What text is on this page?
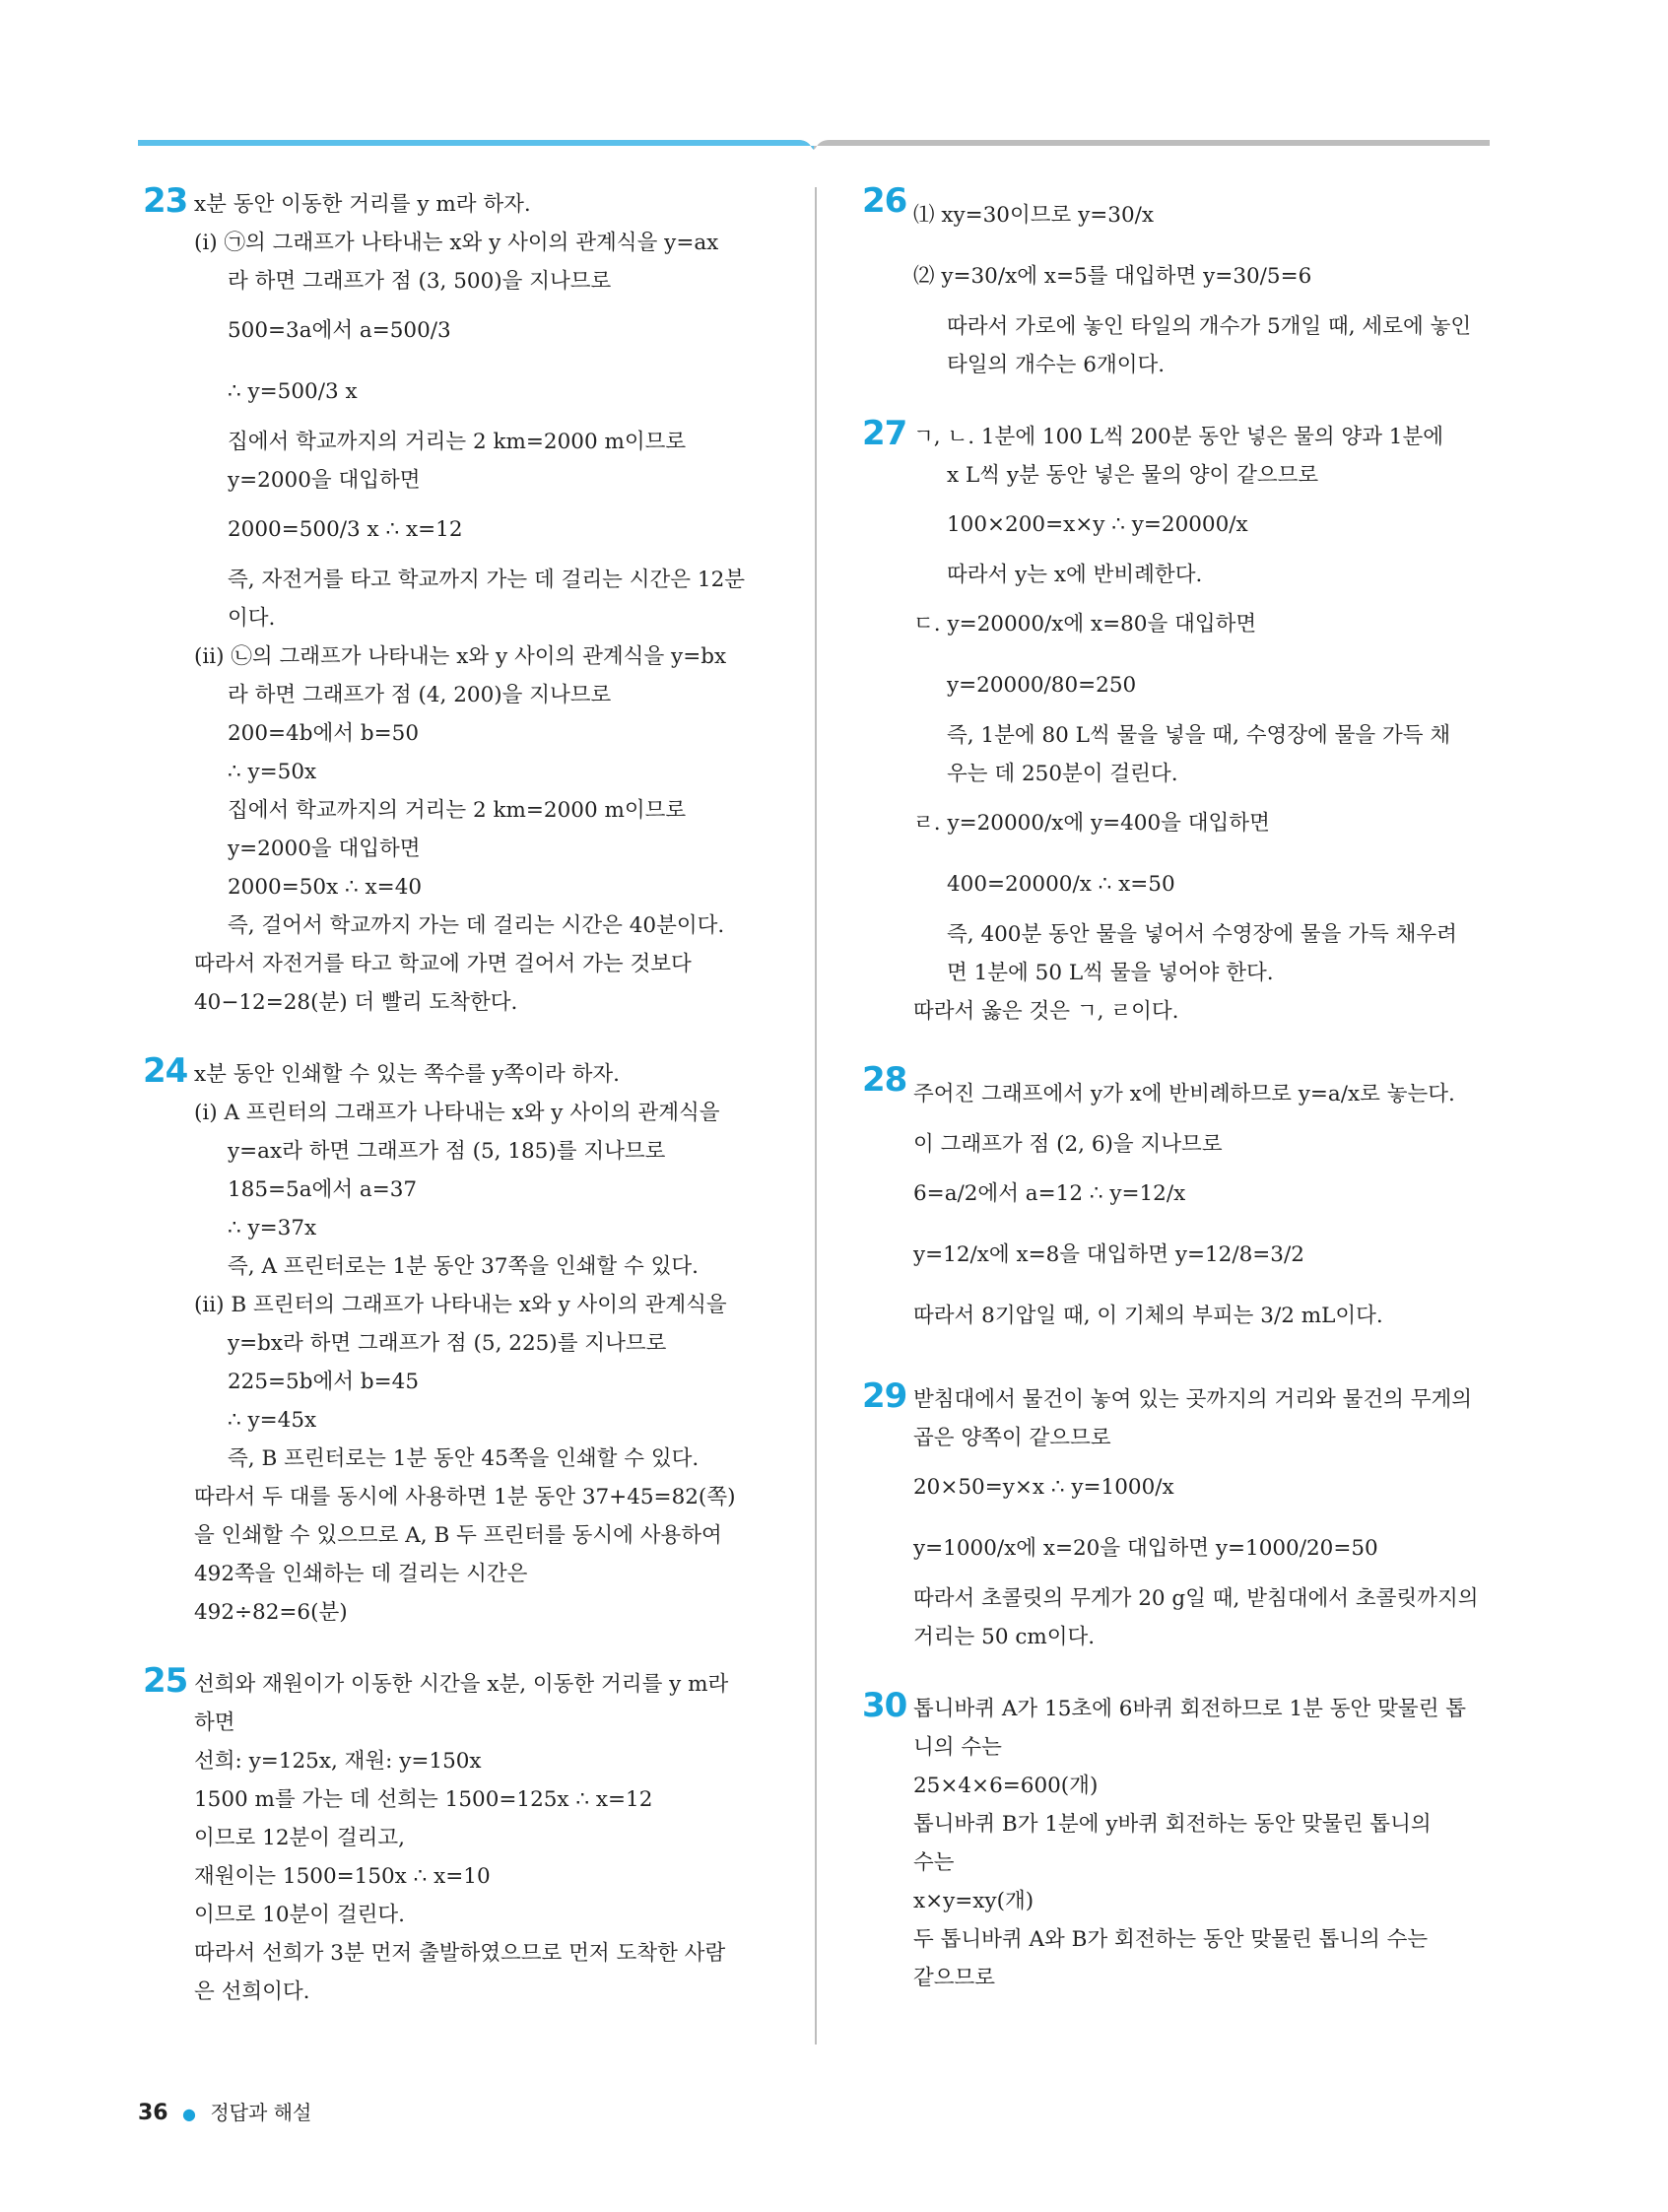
23 x분 동안 이동한 거리를 y m라 하자.
(ⅰ) ㉠의 그래프가 나타내는 x와 y 사이의 관계식을 y=ax
라 하면 그래프가 점 (3, 500)을 지나므로
500=3a에서 a=500/3
∴ y=500/3 x
집에서 학교까지의 거리는 2 km=2000 m이므로
y=2000을 대입하면
2000=500/3 x ∴ x=12
즉, 자전거를 타고 학교까지 가는 데 걸리는 시간은 12분
이다.
(ⅱ) ㉡의 그래프가 나타내는 x와 y 사이의 관계식을 y=bx
라 하면 그래프가 점 (4, 200)을 지나므로
200=4b에서 b=50
∴ y=50x
집에서 학교까지의 거리는 2 km=2000 m이므로
y=2000을 대입하면
2000=50x ∴ x=40
즉, 걸어서 학교까지 가는 데 걸리는 시간은 40분이다.
따라서 자전거를 타고 학교에 가면 걸어서 가는 것보다
40−12=28(분) 더 빨리 도착한다.
24 x분 동안 인쇄할 수 있는 쪽수를 y쪽이라 하자.
(ⅰ) A 프린터의 그래프가 나타내는 x와 y 사이의 관계식을
y=ax라 하면 그래프가 점 (5, 185)를 지나므로
185=5a에서 a=37
∴ y=37x
즉, A 프린터로는 1분 동안 37쪽을 인쇄할 수 있다.
(ⅱ) B 프린터의 그래프가 나타내는 x와 y 사이의 관계식을
y=bx라 하면 그래프가 점 (5, 225)를 지나므로
225=5b에서 b=45
∴ y=45x
즉, B 프린터로는 1분 동안 45쪽을 인쇄할 수 있다.
따라서 두 대를 동시에 사용하면 1분 동안 37+45=82(쪽)
을 인쇄할 수 있으므로 A, B 두 프린터를 동시에 사용하여
492쪽을 인쇄하는 데 걸리는 시간은
492÷82=6(분)
25 선희와 재원이가 이동한 시간을 x분, 이동한 거리를 y m라
하면
선희: y=125x, 재원: y=150x
1500 m를 가는 데 선희는 1500=125x ∴ x=12
이므로 12분이 걸리고,
재원이는 1500=150x ∴ x=10
이므로 10분이 걸린다.
따라서 선희가 3분 먼저 출발하였으므로 먼저 도착한 사람
은 선희이다.
26 ⑴ xy=30이므로 y=30/x
⑵ y=30/x에 x=5를 대입하면 y=30/5=6
따라서 가로에 놓인 타일의 개수가 5개일 때, 세로에 놓인
타일의 개수는 6개이다.
27 ㄱ, ㄴ. 1분에 100 L씩 200분 동안 넣은 물의 양과 1분에
x L씩 y분 동안 넣은 물의 양이 같으므로
100×200=x×y ∴ y=20000/x
따라서 y는 x에 반비례한다.
ㄷ. y=20000/x에 x=80을 대입하면
y=20000/80=250
즉, 1분에 80 L씩 물을 넣을 때, 수영장에 물을 가득 채
우는 데 250분이 걸린다.
ㄹ. y=20000/x에 y=400을 대입하면
400=20000/x ∴ x=50
즉, 400분 동안 물을 넣어서 수영장에 물을 가득 채우려
면 1분에 50 L씩 물을 넣어야 한다.
따라서 옳은 것은 ㄱ, ㄹ이다.
28 주어진 그래프에서 y가 x에 반비례하므로 y=a/x로 놓는다.
이 그래프가 점 (2, 6)을 지나므로
6=a/2에서 a=12 ∴ y=12/x
y=12/x에 x=8을 대입하면 y=12/8=3/2
따라서 8기압일 때, 이 기체의 부피는 3/2 mL이다.
29 받침대에서 물건이 놓여 있는 곳까지의 거리와 물건의 무게의
곱은 양쪽이 같으므로
20×50=y×x ∴ y=1000/x
y=1000/x에 x=20을 대입하면 y=1000/20=50
따라서 초콜릿의 무게가 20 g일 때, 받침대에서 초콜릿까지의
거리는 50 cm이다.
30 톱니바퀴 A가 15초에 6바퀴 회전하므로 1분 동안 맞물린 톱
니의 수는
25×4×6=600(개)
톱니바퀴 B가 1분에 y바퀴 회전하는 동안 맞물린 톱니의
수는
x×y=xy(개)
두 톱니바퀴 A와 B가 회전하는 동안 맞물린 톱니의 수는
같으므로
36 ● 정답과 해설
